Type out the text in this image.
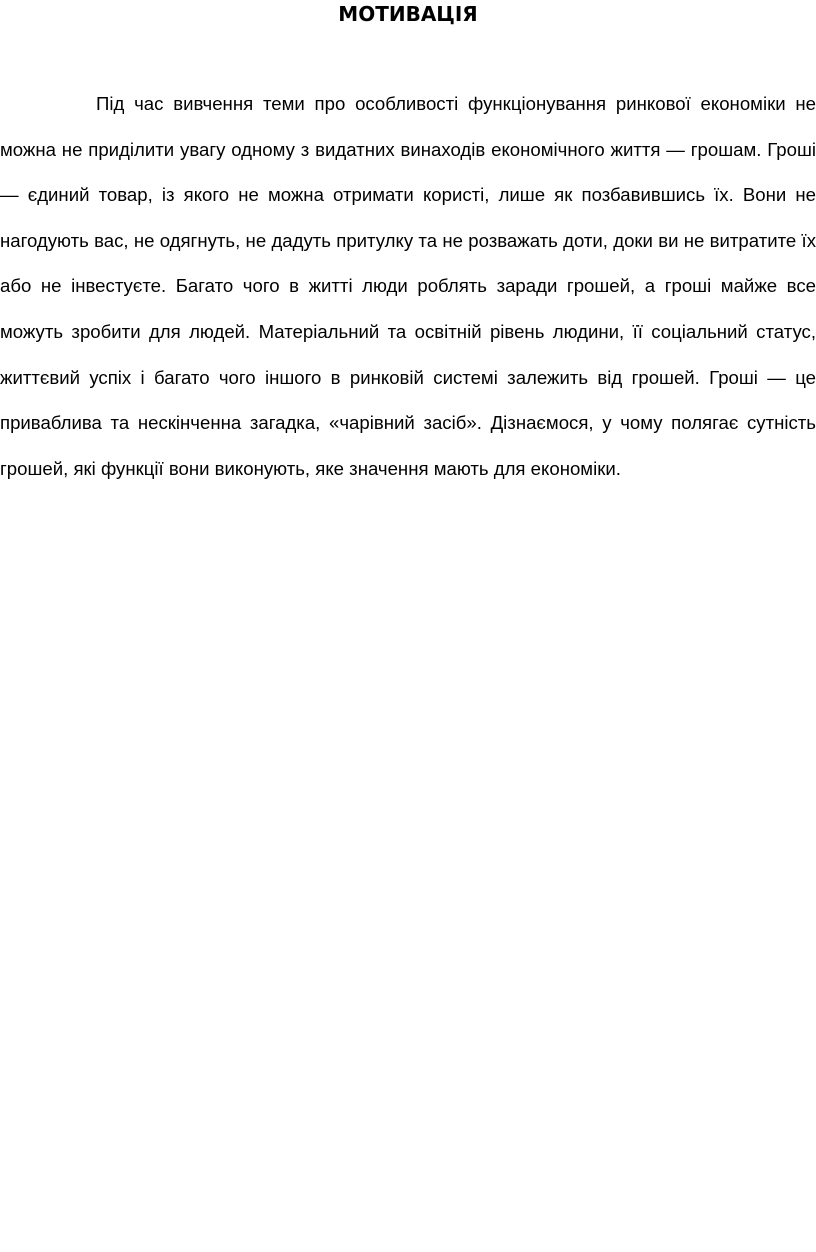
МОТИВАЦІЯ

Під час вивчення теми про особливості функціонування ринкової економіки не можна не приділити увагу одному з видатних винаходів економічного життя — грошам. Гроші — єдиний товар, із якого не можна отримати користі, лише як позбавившись їх. Вони не нагодують вас, не одягнуть, не дадуть притулку та не розважать доти, доки ви не витратите їх або не інвестуєте. Багато чого в житті люди роблять заради грошей, а гроші майже все можуть зробити для людей. Матеріальний та освітній рівень людини, її соціальний статус, життєвий успіх і багато чого іншого в ринковій системі залежить від грошей. Гроші — це приваблива та нескінченна загадка, «чарівний засіб». Дізнаємося, у чому полягає сутність грошей, які функції вони виконують, яке значення мають для економіки.
